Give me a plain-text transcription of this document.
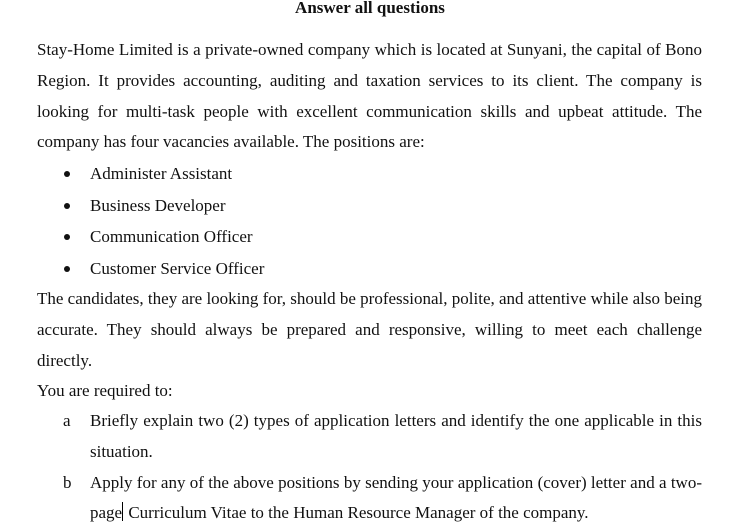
Answer all questions
Stay-Home Limited is a private-owned company which is located at Sunyani, the capital of Bono Region. It provides accounting, auditing and taxation services to its client. The company is looking for multi-task people with excellent communication skills and upbeat attitude. The company has four vacancies available. The positions are:
Administer Assistant
Business Developer
Communication Officer
Customer Service Officer
The candidates, they are looking for, should be professional, polite, and attentive while also being accurate. They should always be prepared and responsive, willing to meet each challenge directly.
You are required to:
a Briefly explain two (2) types of application letters and identify the one applicable in this situation.
b Apply for any of the above positions by sending your application (cover) letter and a two-page Curriculum Vitae to the Human Resource Manager of the company.
